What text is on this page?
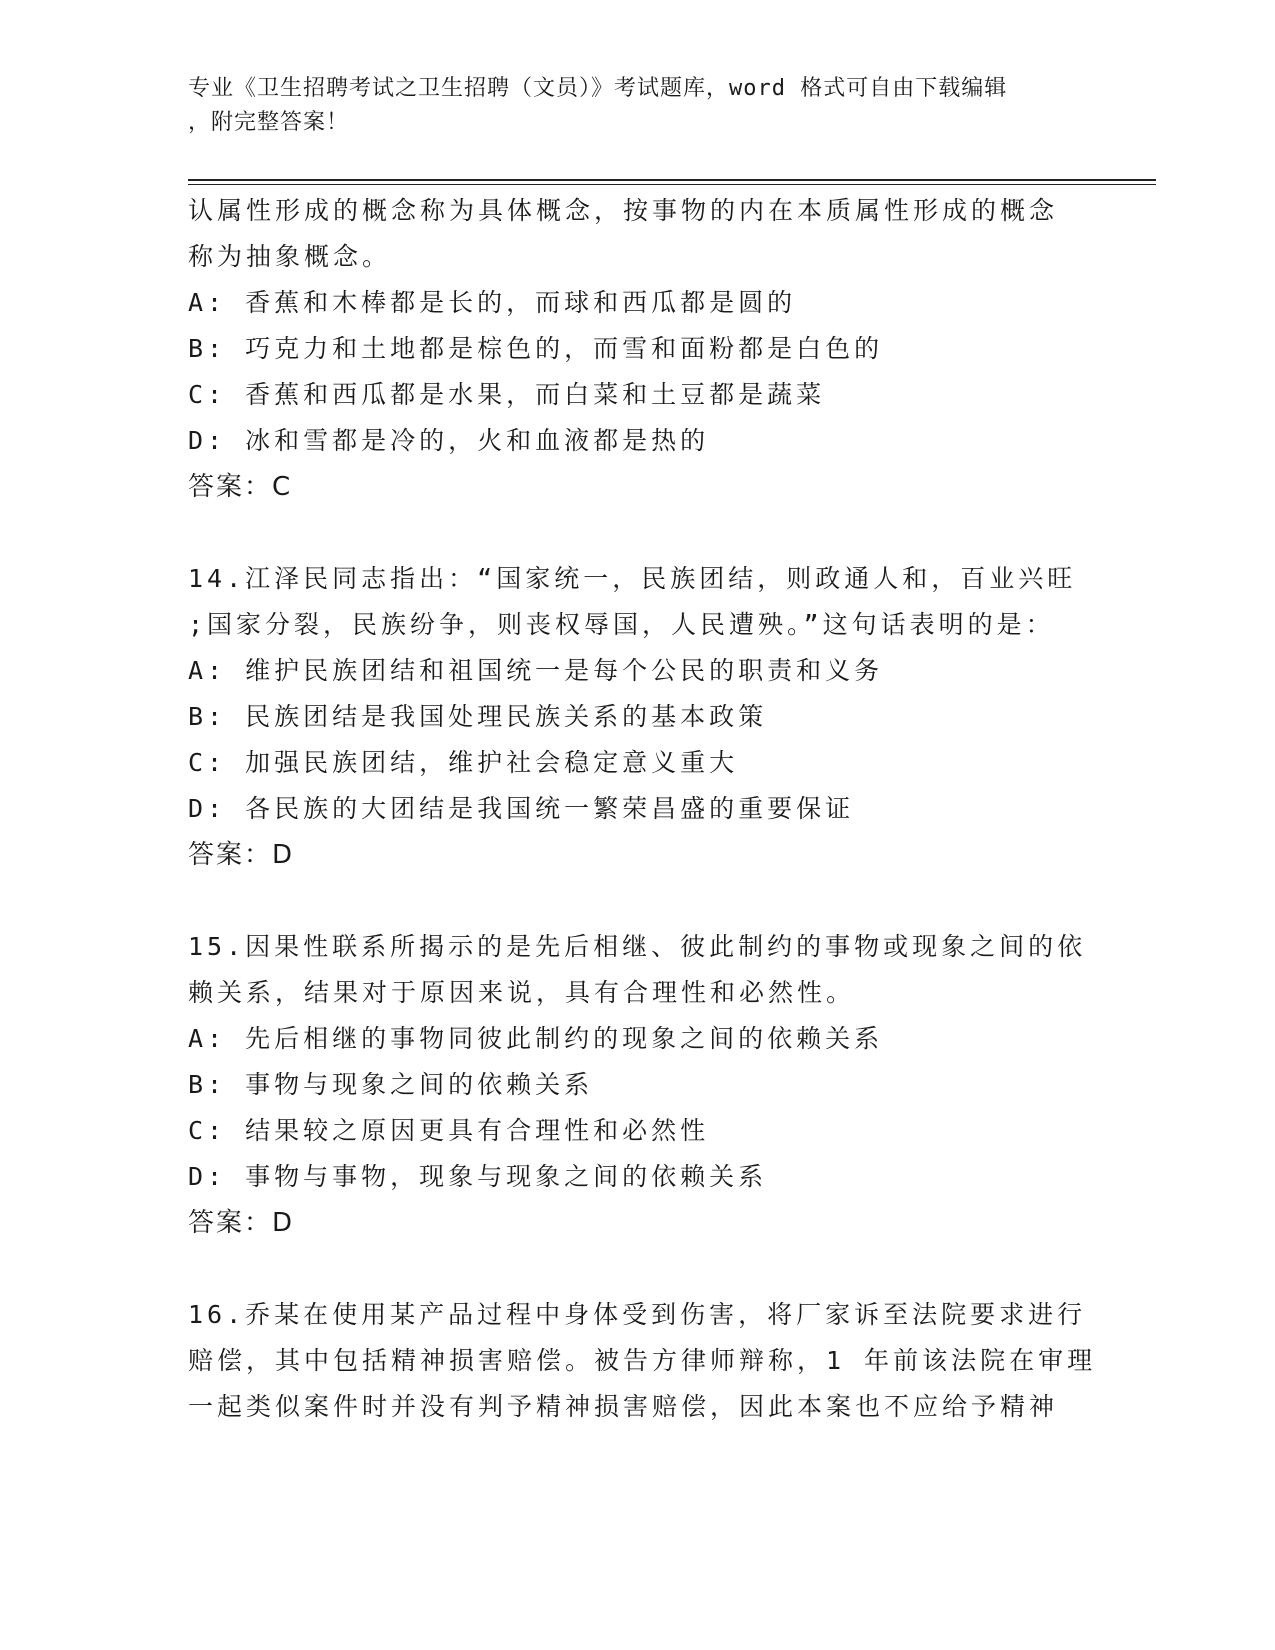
专业《卫生招聘考试之卫生招聘（文员）》考试题库，word 格式可自由下载编辑
，附完整答案！
认属性形成的概念称为具体概念，按事物的内在本质属性形成的概念
称为抽象概念。
A: 香蕉和木棒都是长的，而球和西瓜都是圆的
B: 巧克力和土地都是棕色的，而雪和面粉都是白色的
C: 香蕉和西瓜都是水果，而白菜和土豆都是蔬菜
D: 冰和雪都是冷的，火和血液都是热的
答案：C
14.江泽民同志指出：“国家统一，民族团结，则政通人和，百业兴旺
;国家分裂，民族纷争，则丧权辱国，人民遭殃。”这句话表明的是：
A: 维护民族团结和祖国统一是每个公民的职责和义务
B: 民族团结是我国处理民族关系的基本政策
C: 加强民族团结，维护社会稳定意义重大
D: 各民族的大团结是我国统一繁荣昌盛的重要保证
答案：D
15.因果性联系所揭示的是先后相继、彼此制约的事物或现象之间的依
赖关系，结果对于原因来说，具有合理性和必然性。
A: 先后相继的事物同彼此制约的现象之间的依赖关系
B: 事物与现象之间的依赖关系
C: 结果较之原因更具有合理性和必然性
D: 事物与事物，现象与现象之间的依赖关系
答案：D
16.乔某在使用某产品过程中身体受到伤害，将厂家诉至法院要求进行
赔偿，其中包括精神损害赔偿。被告方律师辩称，1 年前该法院在审理
一起类似案件时并没有判予精神损害赔偿，因此本案也不应给予精神
